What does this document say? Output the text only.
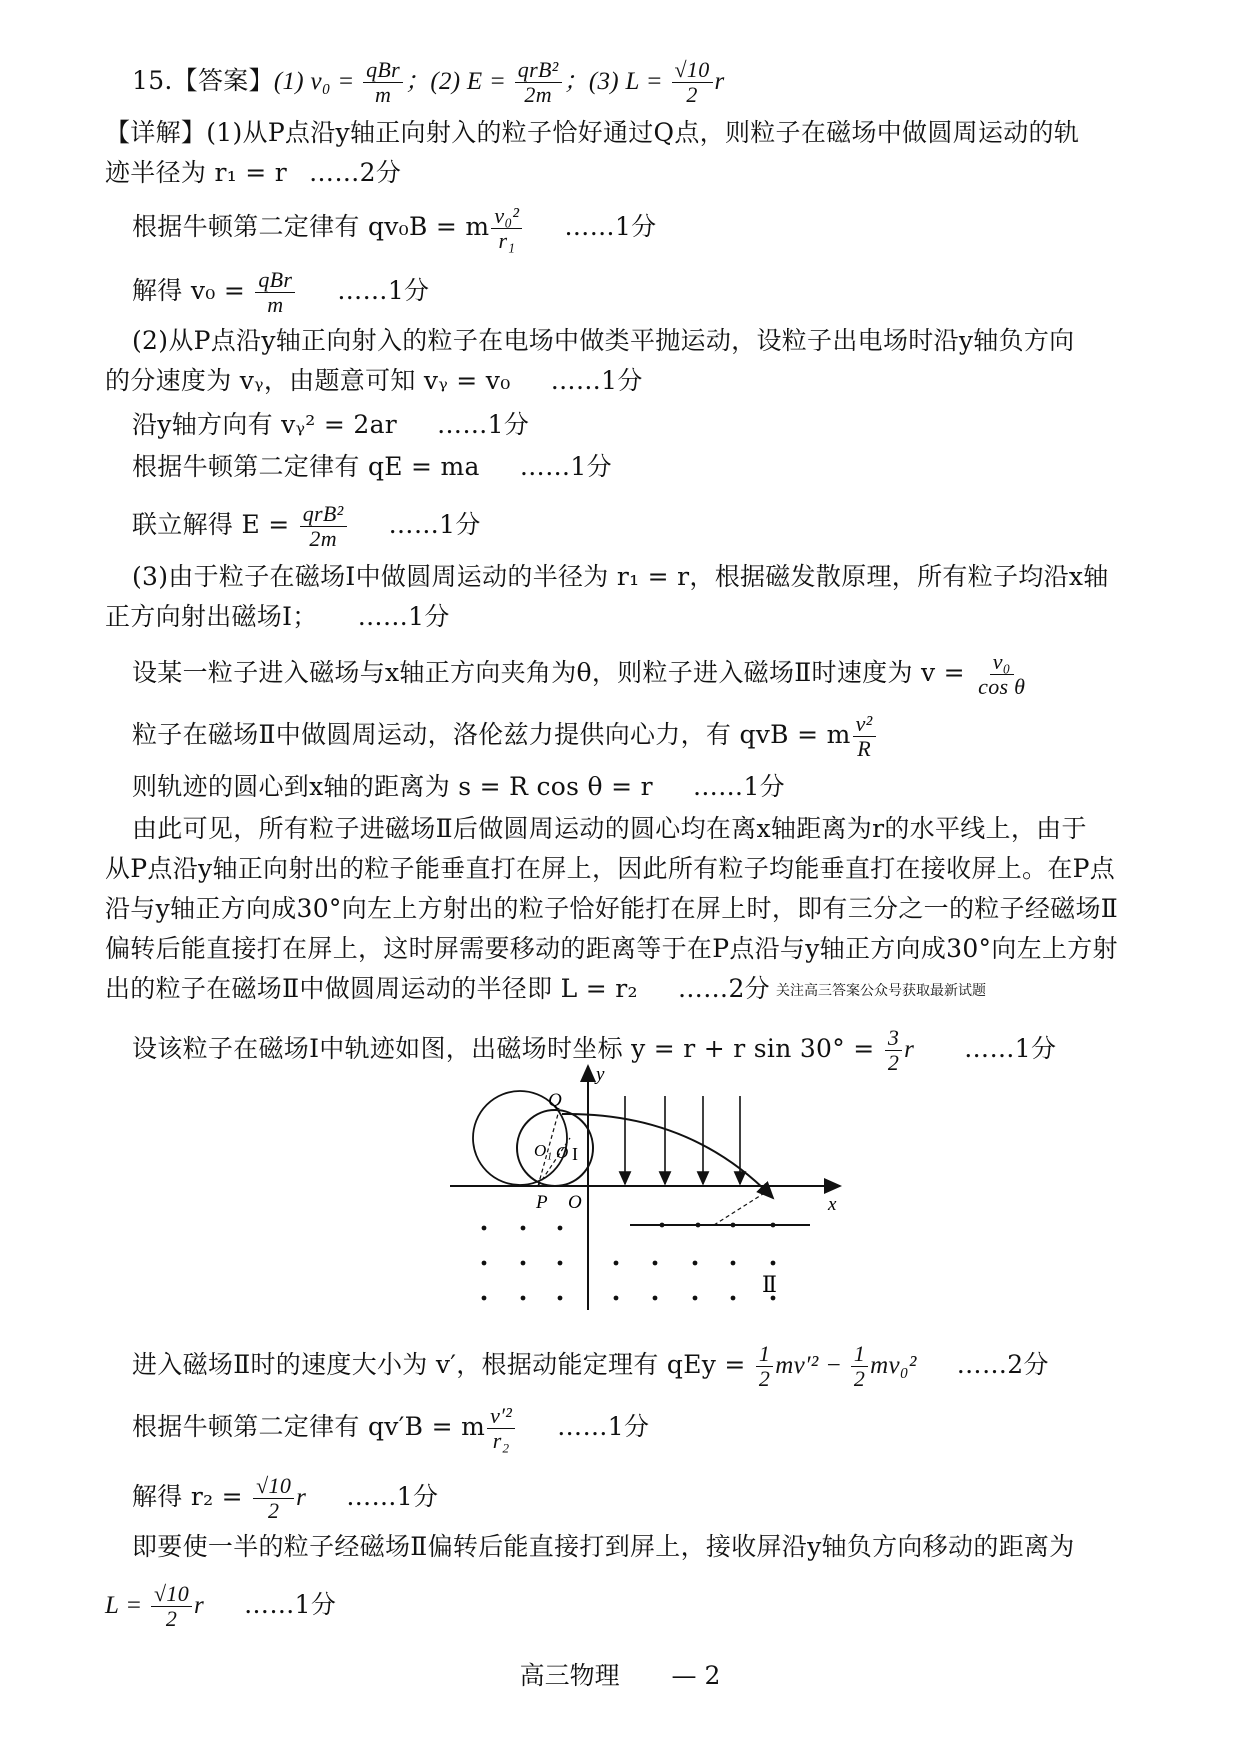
15.【答案】(1) $v_0 = \frac{\text{qBr}}{m}$ ；(2) $E = \frac{\text{qrB²}}{2m}$ ；(3) $L = \frac{√10}{2}$ r
【详解】(1)从P点沿y轴正向射入的粒子恰好通过Q点，则粒子在磁场中做圆周运动的轨
迹半径为 r₁ = r ……2分
根据牛顿第二定律有 qv₀B = m $\frac{\text{v₀²}}{\text{r₁}}$ ……1分
解得 $v_0 = \frac{\text{qBr}}{m}$ ……1分
(2)从P点沿y轴正向射入的粒子在电场中做类平抛运动，设粒子出电场时沿y轴负方向
的分速度为 vᵧ，由题意可知 vᵧ = v₀ ……1分
沿y轴方向有 vᵧ² = 2ar ……1分
根据牛顿第二定律有 qE = ma ……1分
联立解得 $E = \frac{\text{qrB²}}{2m}$ ……1分
(3)由于粒子在磁场Ⅰ中做圆周运动的半径为 r₁ = r，根据磁发散原理，所有粒子均沿x轴
正方向射出磁场Ⅰ； ……1分
设某一粒子进入磁场与x轴正方向夹角为θ，则粒子进入磁场Ⅱ时速度为 $v = \frac{\text{v₀}}{\text{cos θ}}$
粒子在磁场Ⅱ中做圆周运动，洛伦兹力提供向心力，有 qvB = m $\frac{\text{v²}}{R}$
则轨迹的圆心到x轴的距离为 s = R cos θ = r ……1分
由此可见，所有粒子进磁场Ⅱ后做圆周运动的圆心均在离x轴距离为r的水平线上，由于
从P点沿y轴正向射出的粒子能垂直打在屏上，因此所有粒子均能垂直打在接收屏上。在P点
沿与y轴正方向成30°向左上方射出的粒子恰好能打在屏上时，即有三分之一的粒子经磁场Ⅱ
偏转后能直接打在屏上，这时屏需要移动的距离等于在P点沿与y轴正方向成30°向左上方射
出的粒子在磁场Ⅱ中做圆周运动的半径即 L = r₂ ……2分 关注高三答案公众号获取最新试题
设该粒子在磁场Ⅰ中轨迹如图，出磁场时坐标 y = r + r $\sin 30^\circ = \frac{3}{2}$ r ……1分
y
x
Q
P O
O₁ O I
Ⅱ
进入磁场Ⅱ时的速度大小为 v′，根据动能定理有 qEy = $\frac{1}{2} mv'^2 - \frac{1}{2} mv_0^2$ ……2分
根据牛顿第二定律有 qv′B = m $\frac{\text{v′²}}{\text{r₂}}$ ……1分
解得 $r_2 = \frac{√10}{2}$ r ……1分
即要使一半的粒子经磁场Ⅱ偏转后能直接打到屏上，接收屏沿y轴负方向移动的距离为
$L = \frac{√10}{2}$ r ……1分
高三物理 — 2
